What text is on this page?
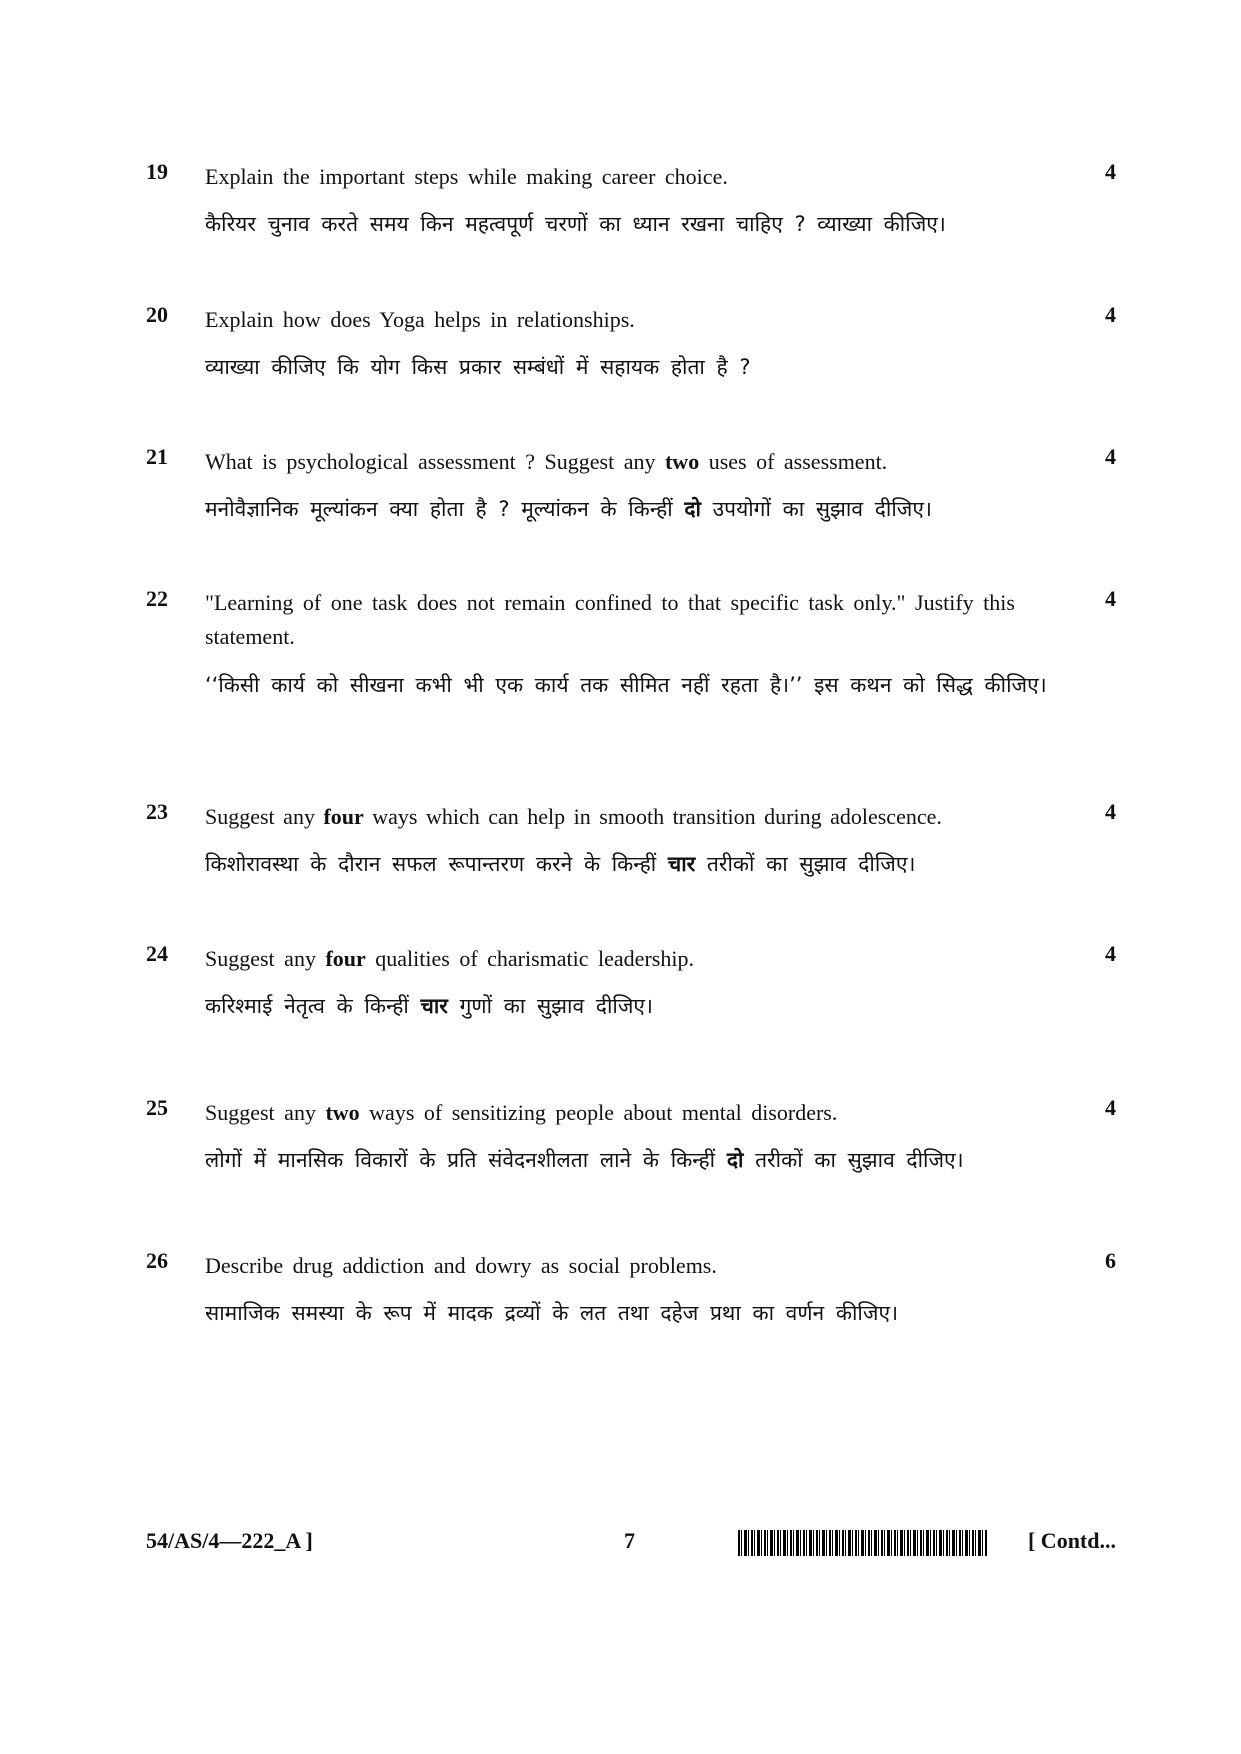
19 Explain the important steps while making career choice.
कैरियर चुनाव करते समय किन महत्वपूर्ण चरणों का ध्यान रखना चाहिए ? व्याख्या कीजिए।
4
20 Explain how does Yoga helps in relationships.
व्याख्या कीजिए कि योग किस प्रकार सम्बंधों में सहायक होता है ?
4
21 What is psychological assessment ? Suggest any two uses of assessment.
मनोवैज्ञानिक मूल्यांकन क्या होता है ? मूल्यांकन के किन्हीं दो उपयोगों का सुझाव दीजिए।
4
22 "Learning of one task does not remain confined to that specific task only." Justify this statement.
‘‘किसी कार्य को सीखना कभी भी एक कार्य तक सीमित नहीं रहता है।’’ इस कथन को सिद्ध कीजिए।
4
23 Suggest any four ways which can help in smooth transition during adolescence.
किशोरावस्था के दौरान सफल रूपान्तरण करने के किन्हीं चार तरीकों का सुझाव दीजिए।
4
24 Suggest any four qualities of charismatic leadership.
करिश्माई नेतृत्व के किन्हीं चार गुणों का सुझाव दीजिए।
4
25 Suggest any two ways of sensitizing people about mental disorders.
लोगों में मानसिक विकारों के प्रति संवेदनशीलता लाने के किन्हीं दो तरीकों का सुझाव दीजिए।
4
26 Describe drug addiction and dowry as social problems.
सामाजिक समस्या के रूप में मादक द्रव्यों के लत तथा दहेज प्रथा का वर्णन कीजिए।
6
54/AS/4—222_A ]	7	[ Contd...
